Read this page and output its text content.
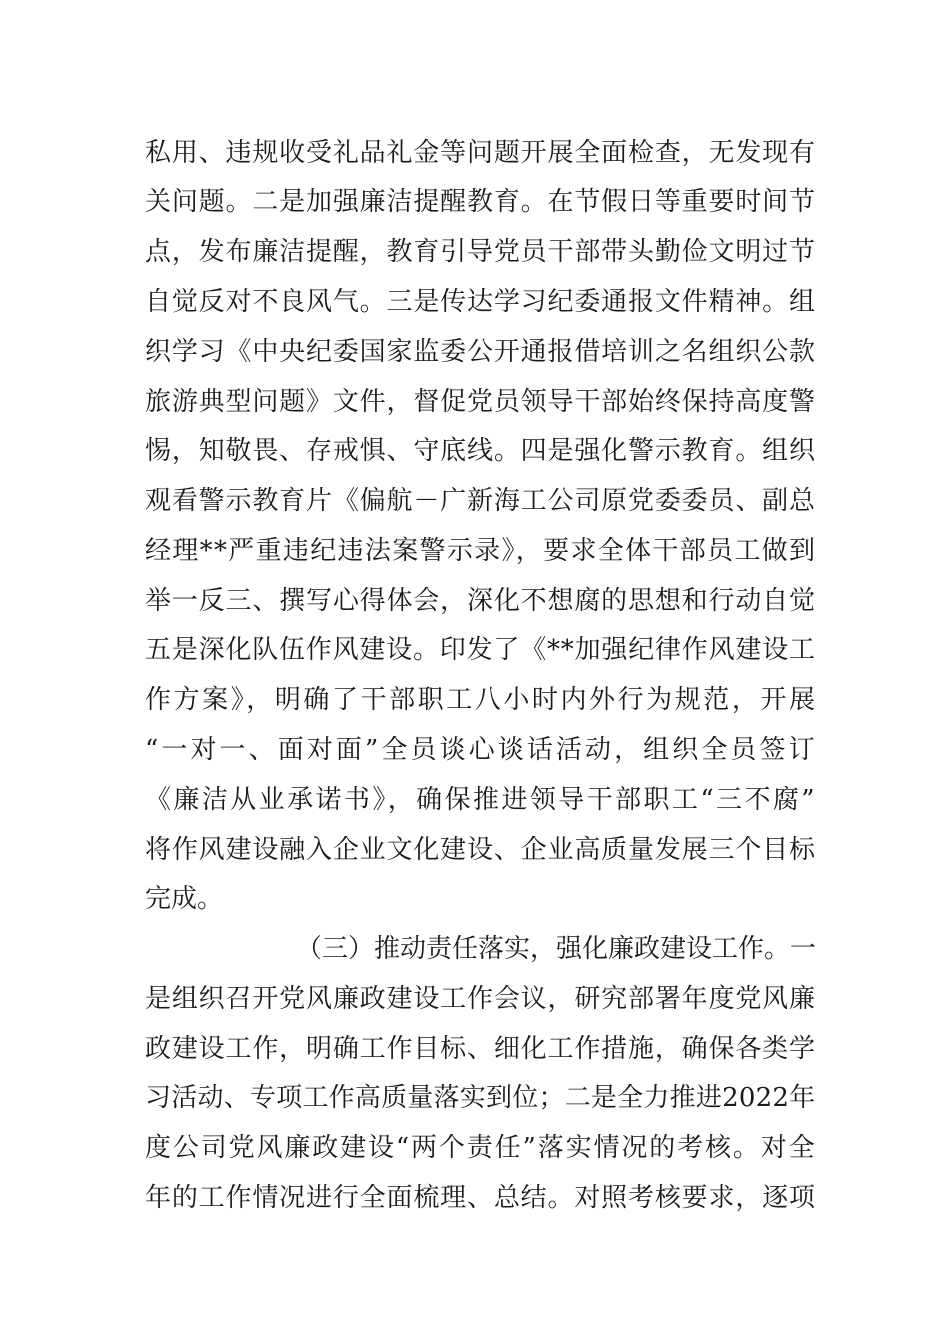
私用、违规收受礼品礼金等问题开展全面检查，无发现有
关问题。二是加强廉洁提醒教育。在节假日等重要时间节
点，发布廉洁提醒，教育引导党员干部带头勤俭文明过节
自觉反对不良风气。三是传达学习纪委通报文件精神。组
织学习《中央纪委国家监委公开通报借培训之名组织公款
旅游典型问题》文件，督促党员领导干部始终保持高度警
惕，知敬畏、存戒惧、守底线。四是强化警示教育。组织
观看警示教育片《偏航－广新海工公司原党委委员、副总
经理**严重违纪违法案警示录》，要求全体干部员工做到
举一反三、撰写心得体会，深化不想腐的思想和行动自觉
五是深化队伍作风建设。印发了《**加强纪律作风建设工
作方案》，明确了干部职工八小时内外行为规范，开展
“一对一、面对面”全员谈心谈话活动，组织全员签订
《廉洁从业承诺书》，确保推进领导干部职工“三不腐”
将作风建设融入企业文化建设、企业高质量发展三个目标
完成。
（三）推动责任落实，强化廉政建设工作。一
是组织召开党风廉政建设工作会议，研究部署年度党风廉
政建设工作，明确工作目标、细化工作措施，确保各类学
习活动、专项工作高质量落实到位；二是全力推进2022年
度公司党风廉政建设“两个责任”落实情况的考核。对全
年的工作情况进行全面梳理、总结。对照考核要求，逐项
